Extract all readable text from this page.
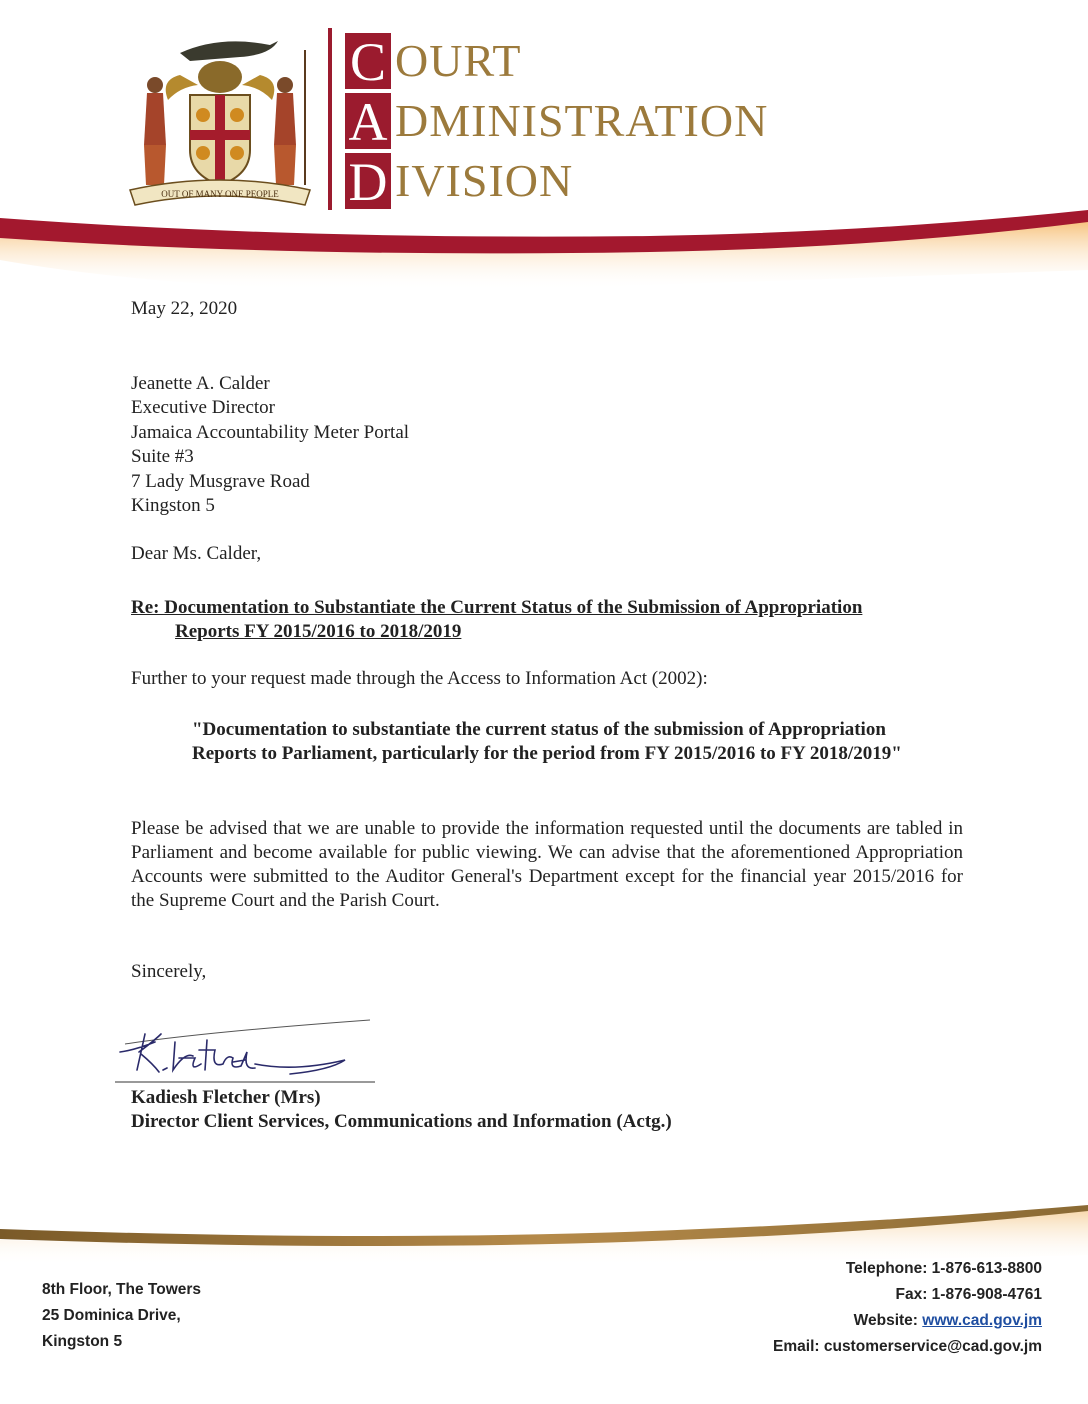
OUT OF MANY ONE PEOPLE
C OURT
A DMINISTRATION
D IVISION
May 22, 2020
Jeanette A. Calder
Executive Director
Jamaica Accountability Meter Portal
Suite #3
7 Lady Musgrave Road
Kingston 5
Dear Ms. Calder,
Re: Documentation to Substantiate the Current Status of the Submission of Appropriation
Reports FY 2015/2016 to 2018/2019
Further to your request made through the Access to Information Act (2002):
"Documentation to substantiate the current status of the submission of Appropriation Reports to Parliament, particularly for the period from FY 2015/2016 to FY 2018/2019"
Please be advised that we are unable to provide the information requested until the documents are tabled in Parliament and become available for public viewing. We can advise that the aforementioned Appropriation Accounts were submitted to the Auditor General's Department except for the financial year 2015/2016 for the Supreme Court and the Parish Court.
Sincerely,
Kadiesh Fletcher (Mrs)
Director Client Services, Communications and Information (Actg.)
8th Floor, The Towers
25 Dominica Drive,
Kingston 5
Telephone: 1-876-613-8800
Fax: 1-876-908-4761
Website: www.cad.gov.jm
Email: customerservice@cad.gov.jm
